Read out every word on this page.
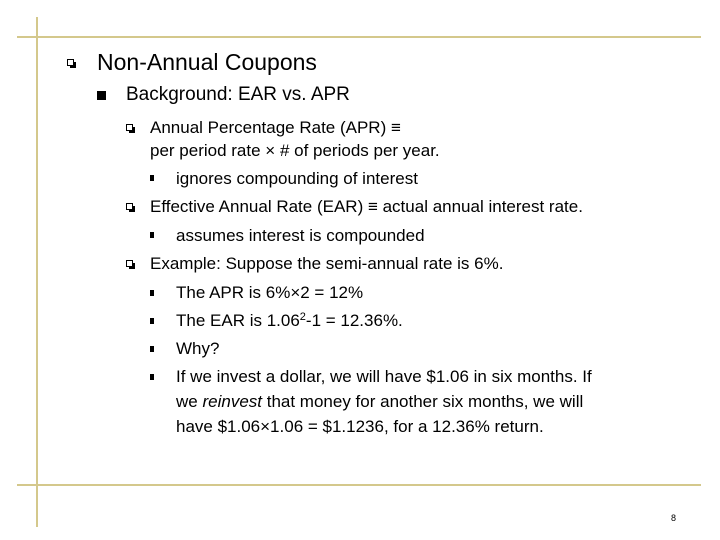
Non-Annual Coupons
Background: EAR vs. APR
Annual Percentage Rate (APR) ≡
per period rate × # of periods per year.
ignores compounding of interest
Effective Annual Rate (EAR) ≡ actual annual interest rate.
assumes interest is compounded
Example: Suppose the semi-annual rate is 6%.
The APR is 6%×2 = 12%
The EAR is $1.06^2-1 = 12.36\%$.
Why?
If we invest a dollar, we will have $1.06 in six months. If
we reinvest that money for another six months, we will
have $1.06×1.06 = $1.1236, for a 12.36% return.
8
